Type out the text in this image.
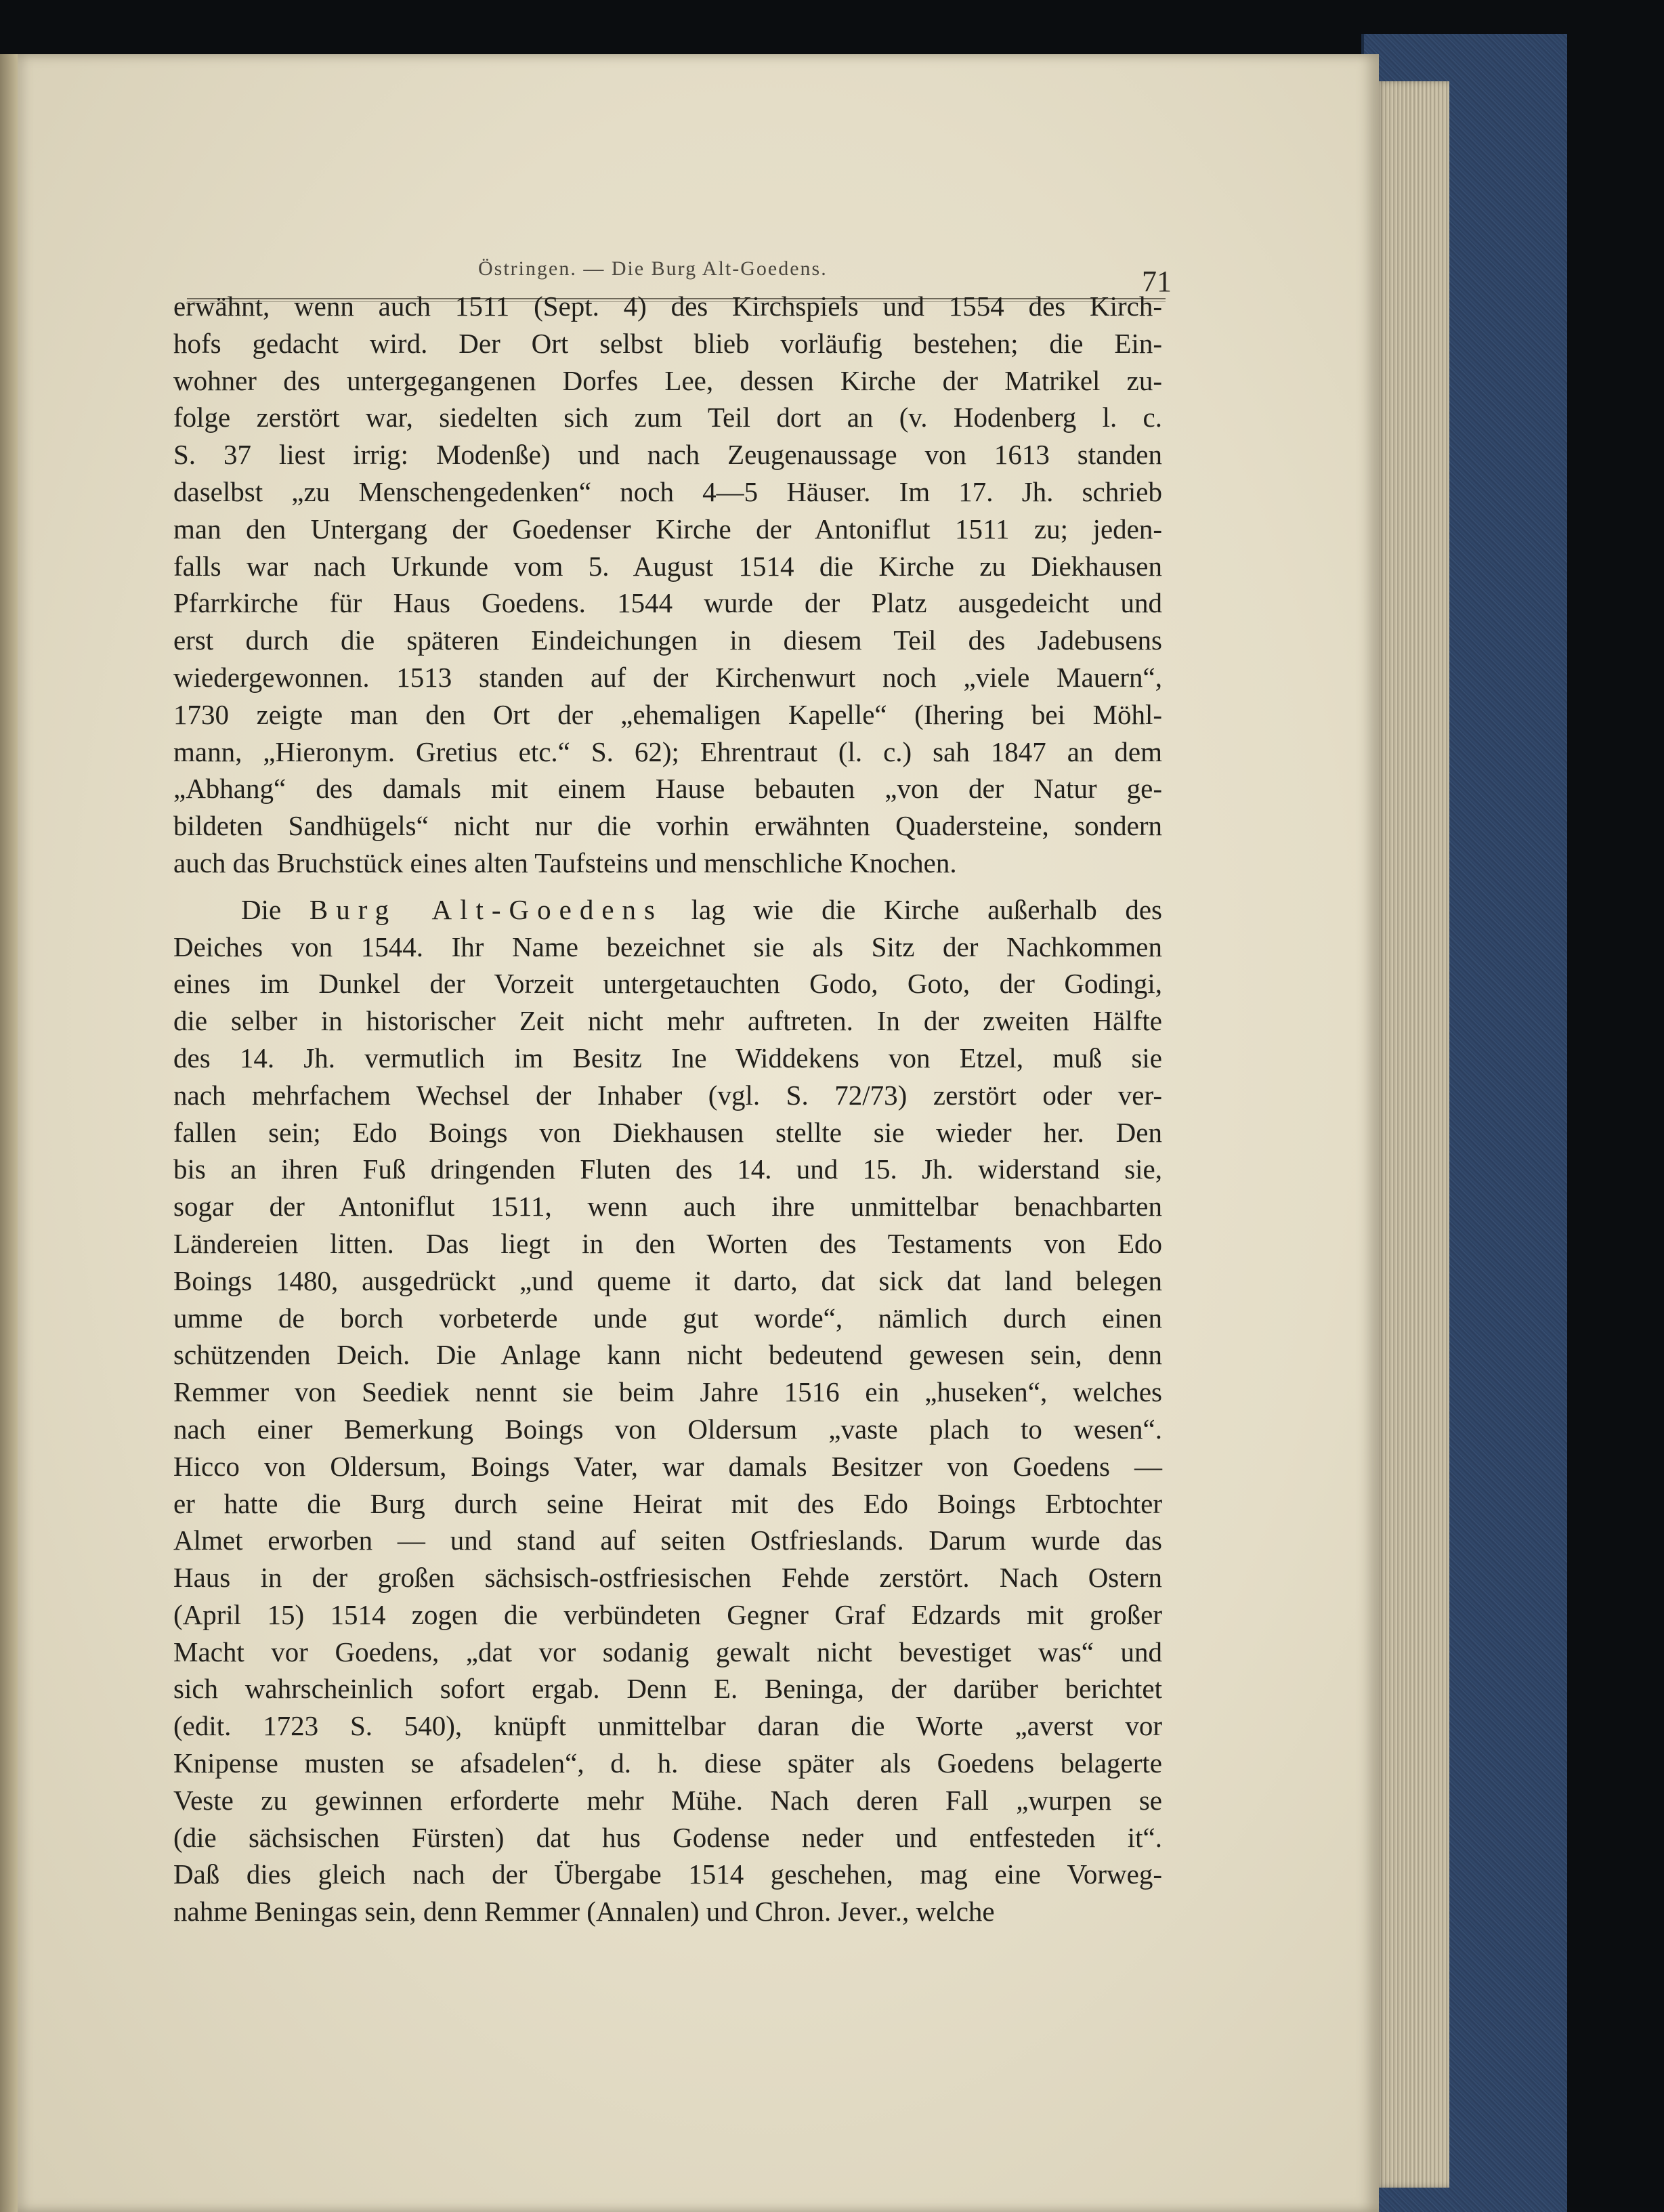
Östringen. — Die Burg Alt-Goedens.	71
erwähnt, wenn auch 1511 (Sept. 4) des Kirchspiels und 1554 des Kirch-
hofs gedacht wird. Der Ort selbst blieb vorläufig bestehen; die Ein-
wohner des untergegangenen Dorfes Lee, dessen Kirche der Matrikel zu-
folge zerstört war, siedelten sich zum Teil dort an (v. Hodenberg l. c.
S. 37 liest irrig: Modenße) und nach Zeugenaussage von 1613 standen
daselbst „zu Menschengedenken“ noch 4—5 Häuser. Im 17. Jh. schrieb
man den Untergang der Goedenser Kirche der Antoniflut 1511 zu; jeden-
falls war nach Urkunde vom 5. August 1514 die Kirche zu Diekhausen
Pfarrkirche für Haus Goedens. 1544 wurde der Platz ausgedeicht und
erst durch die späteren Eindeichungen in diesem Teil des Jadebusens
wiedergewonnen. 1513 standen auf der Kirchenwurt noch „viele Mauern“,
1730 zeigte man den Ort der „ehemaligen Kapelle“ (Ihering bei Möhl-
mann, „Hieronym. Gretius etc.“ S. 62); Ehrentraut (l. c.) sah 1847 an dem
„Abhang“ des damals mit einem Hause bebauten „von der Natur ge-
bildeten Sandhügels“ nicht nur die vorhin erwähnten Quadersteine, sondern
auch das Bruchstück eines alten Taufsteins und menschliche Knochen.
Die Burg Alt-Goedens lag wie die Kirche außerhalb des
Deiches von 1544. Ihr Name bezeichnet sie als Sitz der Nachkommen
eines im Dunkel der Vorzeit untergetauchten Godo, Goto, der Godingi,
die selber in historischer Zeit nicht mehr auftreten. In der zweiten Hälfte
des 14. Jh. vermutlich im Besitz Ine Widdekens von Etzel, muß sie
nach mehrfachem Wechsel der Inhaber (vgl. S. 72/73) zerstört oder ver-
fallen sein; Edo Boings von Diekhausen stellte sie wieder her. Den
bis an ihren Fuß dringenden Fluten des 14. und 15. Jh. widerstand sie,
sogar der Antoniflut 1511, wenn auch ihre unmittelbar benachbarten
Ländereien litten. Das liegt in den Worten des Testaments von Edo
Boings 1480, ausgedrückt „und queme it darto, dat sick dat land belegen
umme de borch vorbeterde unde gut worde“, nämlich durch einen
schützenden Deich. Die Anlage kann nicht bedeutend gewesen sein, denn
Remmer von Seediek nennt sie beim Jahre 1516 ein „huseken“, welches
nach einer Bemerkung Boings von Oldersum „vaste plach to wesen“.
Hicco von Oldersum, Boings Vater, war damals Besitzer von Goedens —
er hatte die Burg durch seine Heirat mit des Edo Boings Erbtochter
Almet erworben — und stand auf seiten Ostfrieslands. Darum wurde das
Haus in der großen sächsisch-ostfriesischen Fehde zerstört. Nach Ostern
(April 15) 1514 zogen die verbündeten Gegner Graf Edzards mit großer
Macht vor Goedens, „dat vor sodanig gewalt nicht bevestiget was“ und
sich wahrscheinlich sofort ergab. Denn E. Beninga, der darüber berichtet
(edit. 1723 S. 540), knüpft unmittelbar daran die Worte „averst vor
Knipense musten se afsadelen“, d. h. diese später als Goedens belagerte
Veste zu gewinnen erforderte mehr Mühe. Nach deren Fall „wurpen se
(die sächsischen Fürsten) dat hus Godense neder und entfesteden it“.
Daß dies gleich nach der Übergabe 1514 geschehen, mag eine Vorweg-
nahme Beningas sein, denn Remmer (Annalen) und Chron. Jever., welche
